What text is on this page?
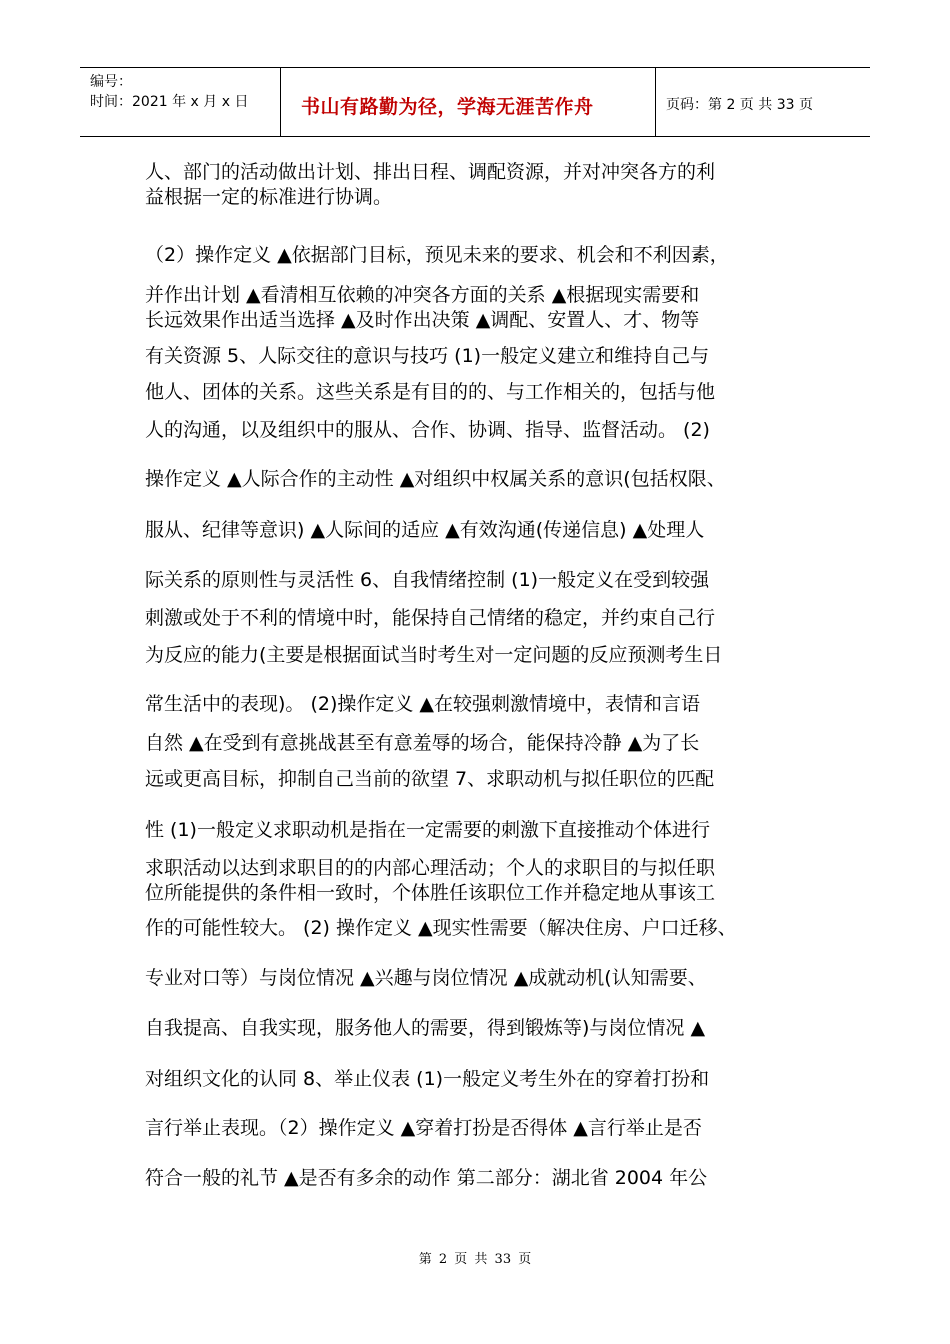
编号：
时间：2021 年 x 月 x 日	书山有路勤为径，学海无涯苦作舟	页码：第 2 页 共 33 页
人、部门的活动做出计划、排出日程、调配资源，并对冲突各方的利
益根据一定的标准进行协调。
（2）操作定义 ▲依据部门目标，预见未来的要求、机会和不利因素，
并作出计划 ▲看清相互依赖的冲突各方面的关系 ▲根据现实需要和
长远效果作出适当选择 ▲及时作出决策 ▲调配、安置人、才、物等
有关资源 5、人际交往的意识与技巧 (1)一般定义建立和维持自己与
他人、团体的关系。这些关系是有目的的、与工作相关的，包括与他
人的沟通，以及组织中的服从、合作、协调、指导、监督活动。 (2)
操作定义 ▲人际合作的主动性 ▲对组织中权属关系的意识(包括权限、
服从、纪律等意识) ▲人际间的适应 ▲有效沟通(传递信息) ▲处理人
际关系的原则性与灵活性 6、自我情绪控制 (1)一般定义在受到较强
刺激或处于不利的情境中时，能保持自己情绪的稳定，并约束自己行
为反应的能力(主要是根据面试当时考生对一定问题的反应预测考生日
常生活中的表现)。 (2)操作定义 ▲在较强刺激情境中，表情和言语
自然 ▲在受到有意挑战甚至有意羞辱的场合，能保持冷静 ▲为了长
远或更高目标，抑制自己当前的欲望 7、求职动机与拟任职位的匹配
性 (1)一般定义求职动机是指在一定需要的刺激下直接推动个体进行
求职活动以达到求职目的的内部心理活动；个人的求职目的与拟任职
位所能提供的条件相一致时，个体胜任该职位工作并稳定地从事该工
作的可能性较大。 (2) 操作定义 ▲现实性需要（解决住房、户口迁移、
专业对口等）与岗位情况 ▲兴趣与岗位情况 ▲成就动机(认知需要、
自我提高、自我实现，服务他人的需要，得到锻炼等)与岗位情况 ▲
对组织文化的认同 8、举止仪表 (1)一般定义考生外在的穿着打扮和
言行举止表现。（2）操作定义 ▲穿着打扮是否得体 ▲言行举止是否
符合一般的礼节 ▲是否有多余的动作 第二部分：湖北省 2004 年公
第 2 页 共 33 页
